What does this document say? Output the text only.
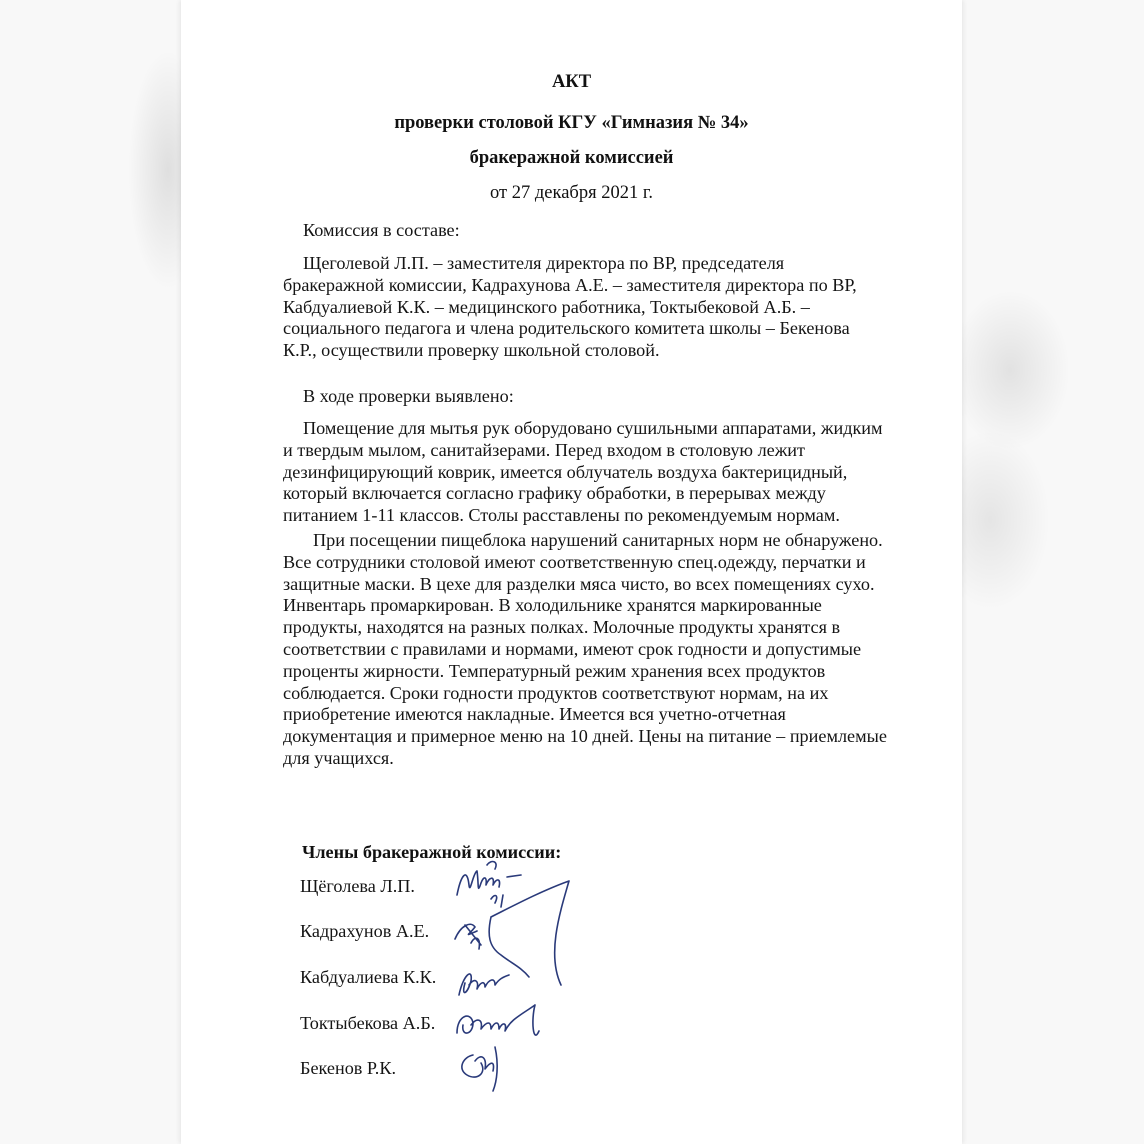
АКТ
проверки столовой КГУ «Гимназия № 34»
бракеражной комиссией
от 27 декабря 2021 г.
Комиссия в составе:
Щеголевой Л.П. – заместителя директора по ВР, председателя
бракеражной комиссии, Кадрахунова А.Е. – заместителя директора по ВР,
Кабдуалиевой К.К. – медицинского работника, Токтыбековой А.Б. –
социального педагога и члена родительского комитета школы – Бекенова
К.Р., осуществили проверку школьной столовой.
В ходе проверки выявлено:
Помещение для мытья рук оборудовано сушильными аппаратами, жидким
и твердым мылом, санитайзерами. Перед входом в столовую лежит
дезинфицирующий коврик, имеется облучатель воздуха бактерицидный,
который включается согласно графику обработки, в перерывах между
питанием 1-11 классов. Столы расставлены по рекомендуемым нормам.
При посещении пищеблока нарушений санитарных норм не обнаружено.
Все сотрудники столовой имеют соответственную спец.одежду, перчатки и
защитные маски. В цехе для разделки мяса чисто, во всех помещениях сухо.
Инвентарь промаркирован. В холодильнике хранятся маркированные
продукты, находятся на разных полках. Молочные продукты хранятся в
соответствии с правилами и нормами, имеют срок годности и допустимые
проценты жирности. Температурный режим хранения всех продуктов
соблюдается. Сроки годности продуктов соответствуют нормам, на их
приобретение имеются накладные. Имеется вся учетно-отчетная
документация и примерное меню на 10 дней. Цены на питание – приемлемые
для учащихся.
Члены бракеражной комиссии:
Щёголева Л.П.
Кадрахунов А.Е.
Кабдуалиева К.К.
Токтыбекова А.Б.
Бекенов Р.К.
